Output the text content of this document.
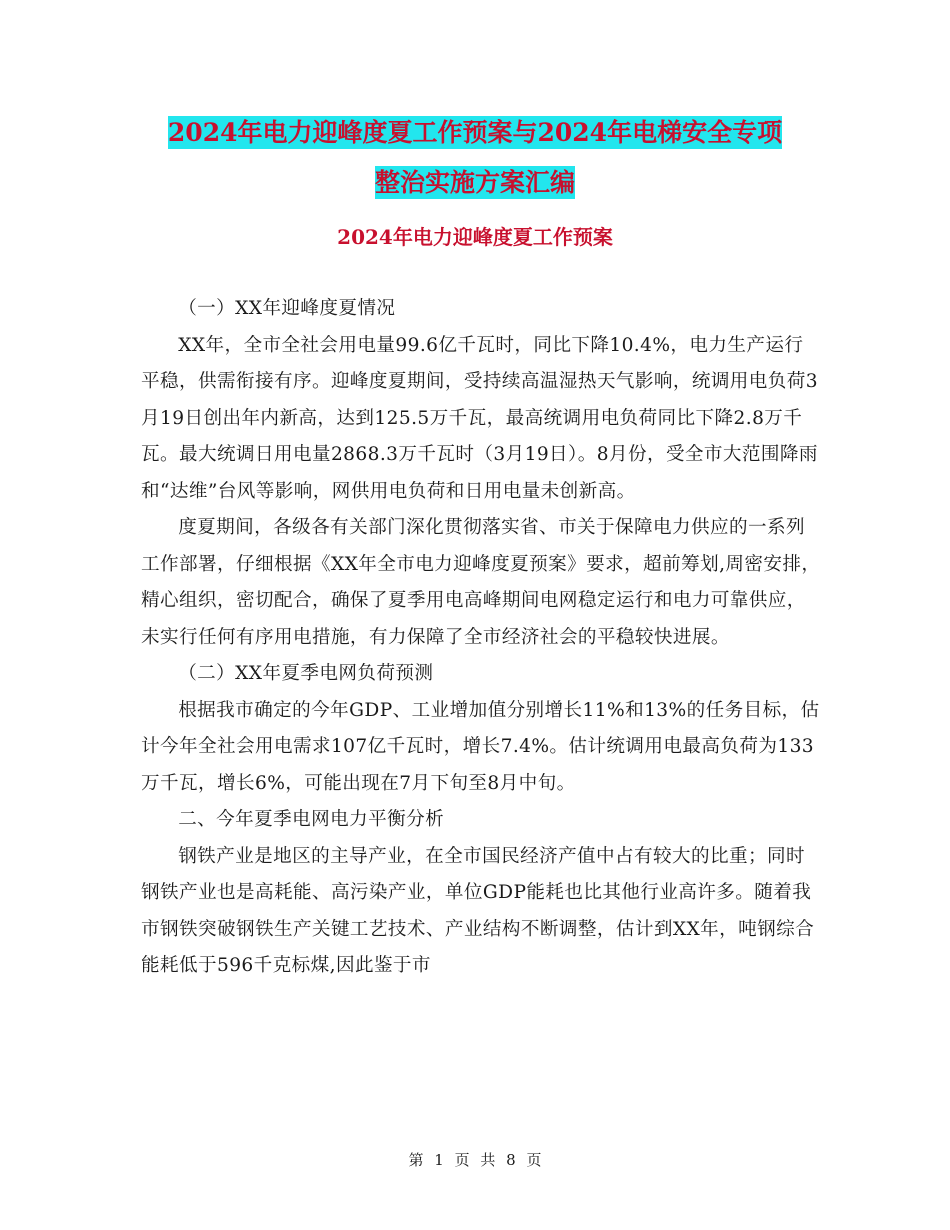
2024年电力迎峰度夏工作预案与2024年电梯安全专项
整治实施方案汇编
2024年电力迎峰度夏工作预案

（一）XX年迎峰度夏情况

XX年，全市全社会用电量99.6亿千瓦时，同比下降10.4%，电力生产运行平稳，供需衔接有序。迎峰度夏期间，受持续高温湿热天气影响，统调用电负荷3月19日创出年内新高，达到125.5万千瓦，最高统调用电负荷同比下降2.8万千瓦。最大统调日用电量2868.3万千瓦时（3月19日）。8月份，受全市大范围降雨和“达维”台风等影响，网供用电负荷和日用电量未创新高。

度夏期间，各级各有关部门深化贯彻落实省、市关于保障电力供应的一系列工作部署，仔细根据《XX年全市电力迎峰度夏预案》要求，超前筹划,周密安排，精心组织，密切配合，确保了夏季用电高峰期间电网稳定运行和电力可靠供应，未实行任何有序用电措施，有力保障了全市经济社会的平稳较快进展。

（二）XX年夏季电网负荷预测

根据我市确定的今年GDP、工业增加值分别增长11%和13%的任务目标，估计今年全社会用电需求107亿千瓦时，增长7.4%。估计统调用电最高负荷为133万千瓦，增长6%，可能出现在7月下旬至8月中旬。

二、今年夏季电网电力平衡分析

钢铁产业是地区的主导产业，在全市国民经济产值中占有较大的比重；同时钢铁产业也是高耗能、高污染产业，单位GDP能耗也比其他行业高许多。随着我市钢铁突破钢铁生产关键工艺技术、产业结构不断调整，估计到XX年，吨钢综合能耗低于596千克标煤,因此鉴于市

第 1 页 共 8 页
